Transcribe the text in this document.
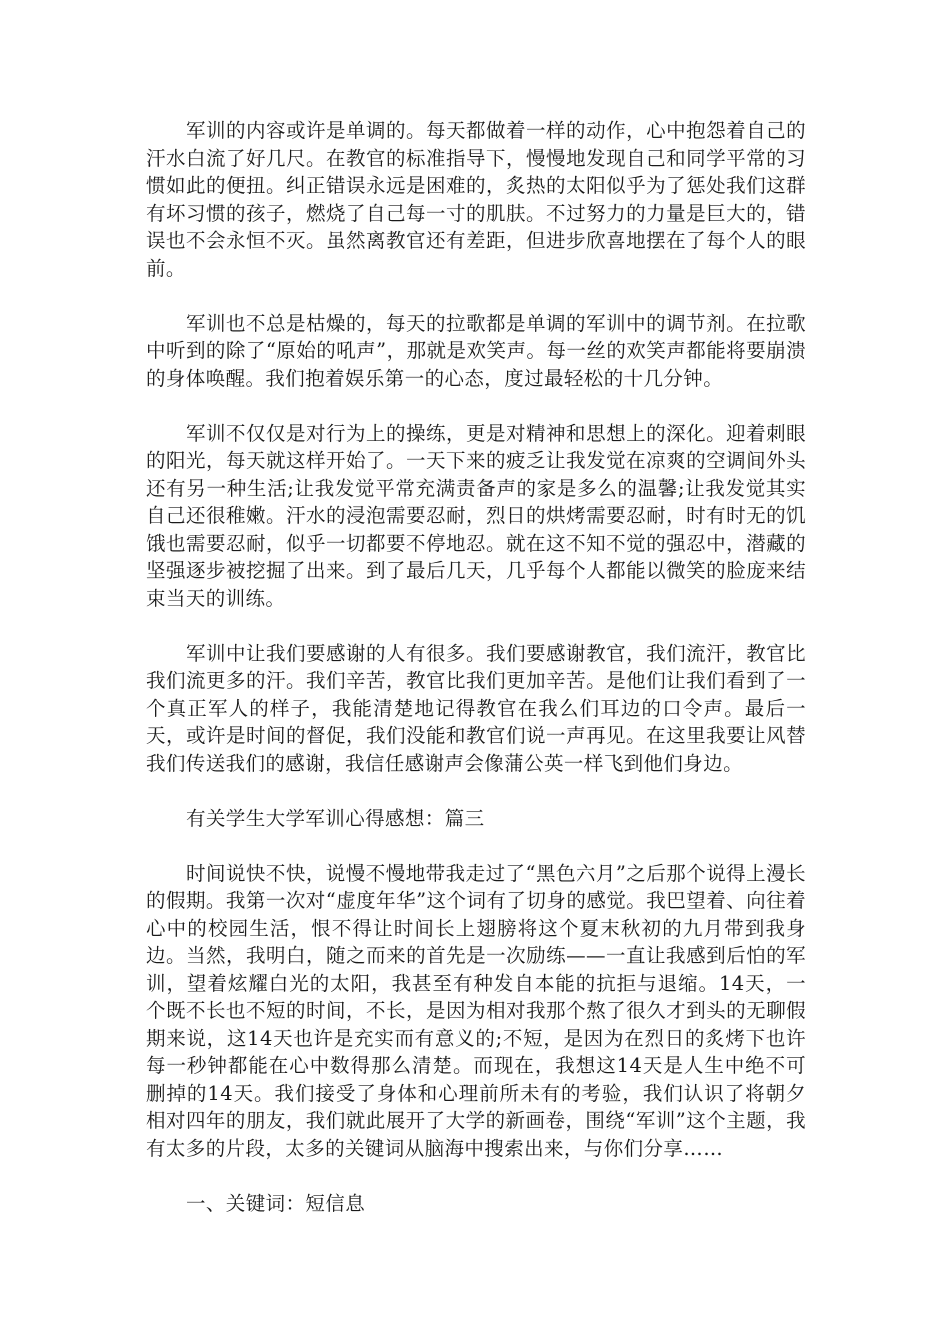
军训的内容或许是单调的。每天都做着一样的动作，心中抱怨着自己的汗水白流了好几尺。在教官的标准指导下，慢慢地发现自己和同学平常的习惯如此的便扭。纠正错误永远是困难的，炙热的太阳似乎为了惩处我们这群有坏习惯的孩子，燃烧了自己每一寸的肌肤。不过努力的力量是巨大的，错误也不会永恒不灭。虽然离教官还有差距，但进步欣喜地摆在了每个人的眼前。

军训也不总是枯燥的，每天的拉歌都是单调的军训中的调节剂。在拉歌中听到的除了“原始的吼声”，那就是欢笑声。每一丝的欢笑声都能将要崩溃的身体唤醒。我们抱着娱乐第一的心态，度过最轻松的十几分钟。

军训不仅仅是对行为上的操练，更是对精神和思想上的深化。迎着刺眼的阳光，每天就这样开始了。一天下来的疲乏让我发觉在凉爽的空调间外头还有另一种生活;让我发觉平常充满责备声的家是多么的温馨;让我发觉其实自己还很稚嫩。汗水的浸泡需要忍耐，烈日的烘烤需要忍耐，时有时无的饥饿也需要忍耐，似乎一切都要不停地忍。就在这不知不觉的强忍中，潜藏的坚强逐步被挖掘了出来。到了最后几天，几乎每个人都能以微笑的脸庞来结束当天的训练。

军训中让我们要感谢的人有很多。我们要感谢教官，我们流汗，教官比我们流更多的汗。我们辛苦，教官比我们更加辛苦。是他们让我们看到了一个真正军人的样子，我能清楚地记得教官在我么们耳边的口令声。最后一天，或许是时间的督促，我们没能和教官们说一声再见。在这里我要让风替我们传送我们的感谢，我信任感谢声会像蒲公英一样飞到他们身边。

有关学生大学军训心得感想：篇三

时间说快不快，说慢不慢地带我走过了“黑色六月”之后那个说得上漫长的假期。我第一次对“虚度年华”这个词有了切身的感觉。我巴望着、向往着心中的校园生活，恨不得让时间长上翅膀将这个夏末秋初的九月带到我身边。当然，我明白，随之而来的首先是一次励练——一直让我感到后怕的军训，望着炫耀白光的太阳，我甚至有种发自本能的抗拒与退缩。14天，一个既不长也不短的时间，不长，是因为相对我那个熬了很久才到头的无聊假期来说，这14天也许是充实而有意义的;不短，是因为在烈日的炙烤下也许每一秒钟都能在心中数得那么清楚。而现在，我想这14天是人生中绝不可删掉的14天。我们接受了身体和心理前所未有的考验，我们认识了将朝夕相对四年的朋友，我们就此展开了大学的新画卷，围绕“军训”这个主题，我有太多的片段，太多的关键词从脑海中搜索出来，与你们分享……

一、关键词：短信息
